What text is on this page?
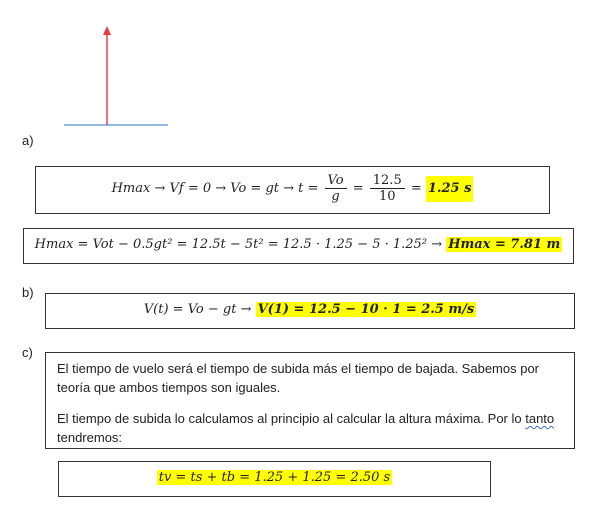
a)
Hmax → Vf = 0 → Vo = gt → $t = \frac{Vo}{g} = \frac{12.5}{10} = 1.25$ s
Hmax = Vot − 0.5gt² = 12.5t − 5t² = 12.5 · 1.25 − 5 · 1.25² → Hmax = 7.81 m
b)
V(t) = Vo − gt → V(1) = 12.5 − 10 · 1 = 2.5 m/s
c)
El tiempo de vuelo será el tiempo de subida más el tiempo de bajada. Sabemos por teoría que ambos tiempos son iguales.
El tiempo de subida lo calculamos al principio al calcular la altura máxima. Por lo tanto tendremos:
tv = ts + tb = 1.25 + 1.25 = 2.50 s
